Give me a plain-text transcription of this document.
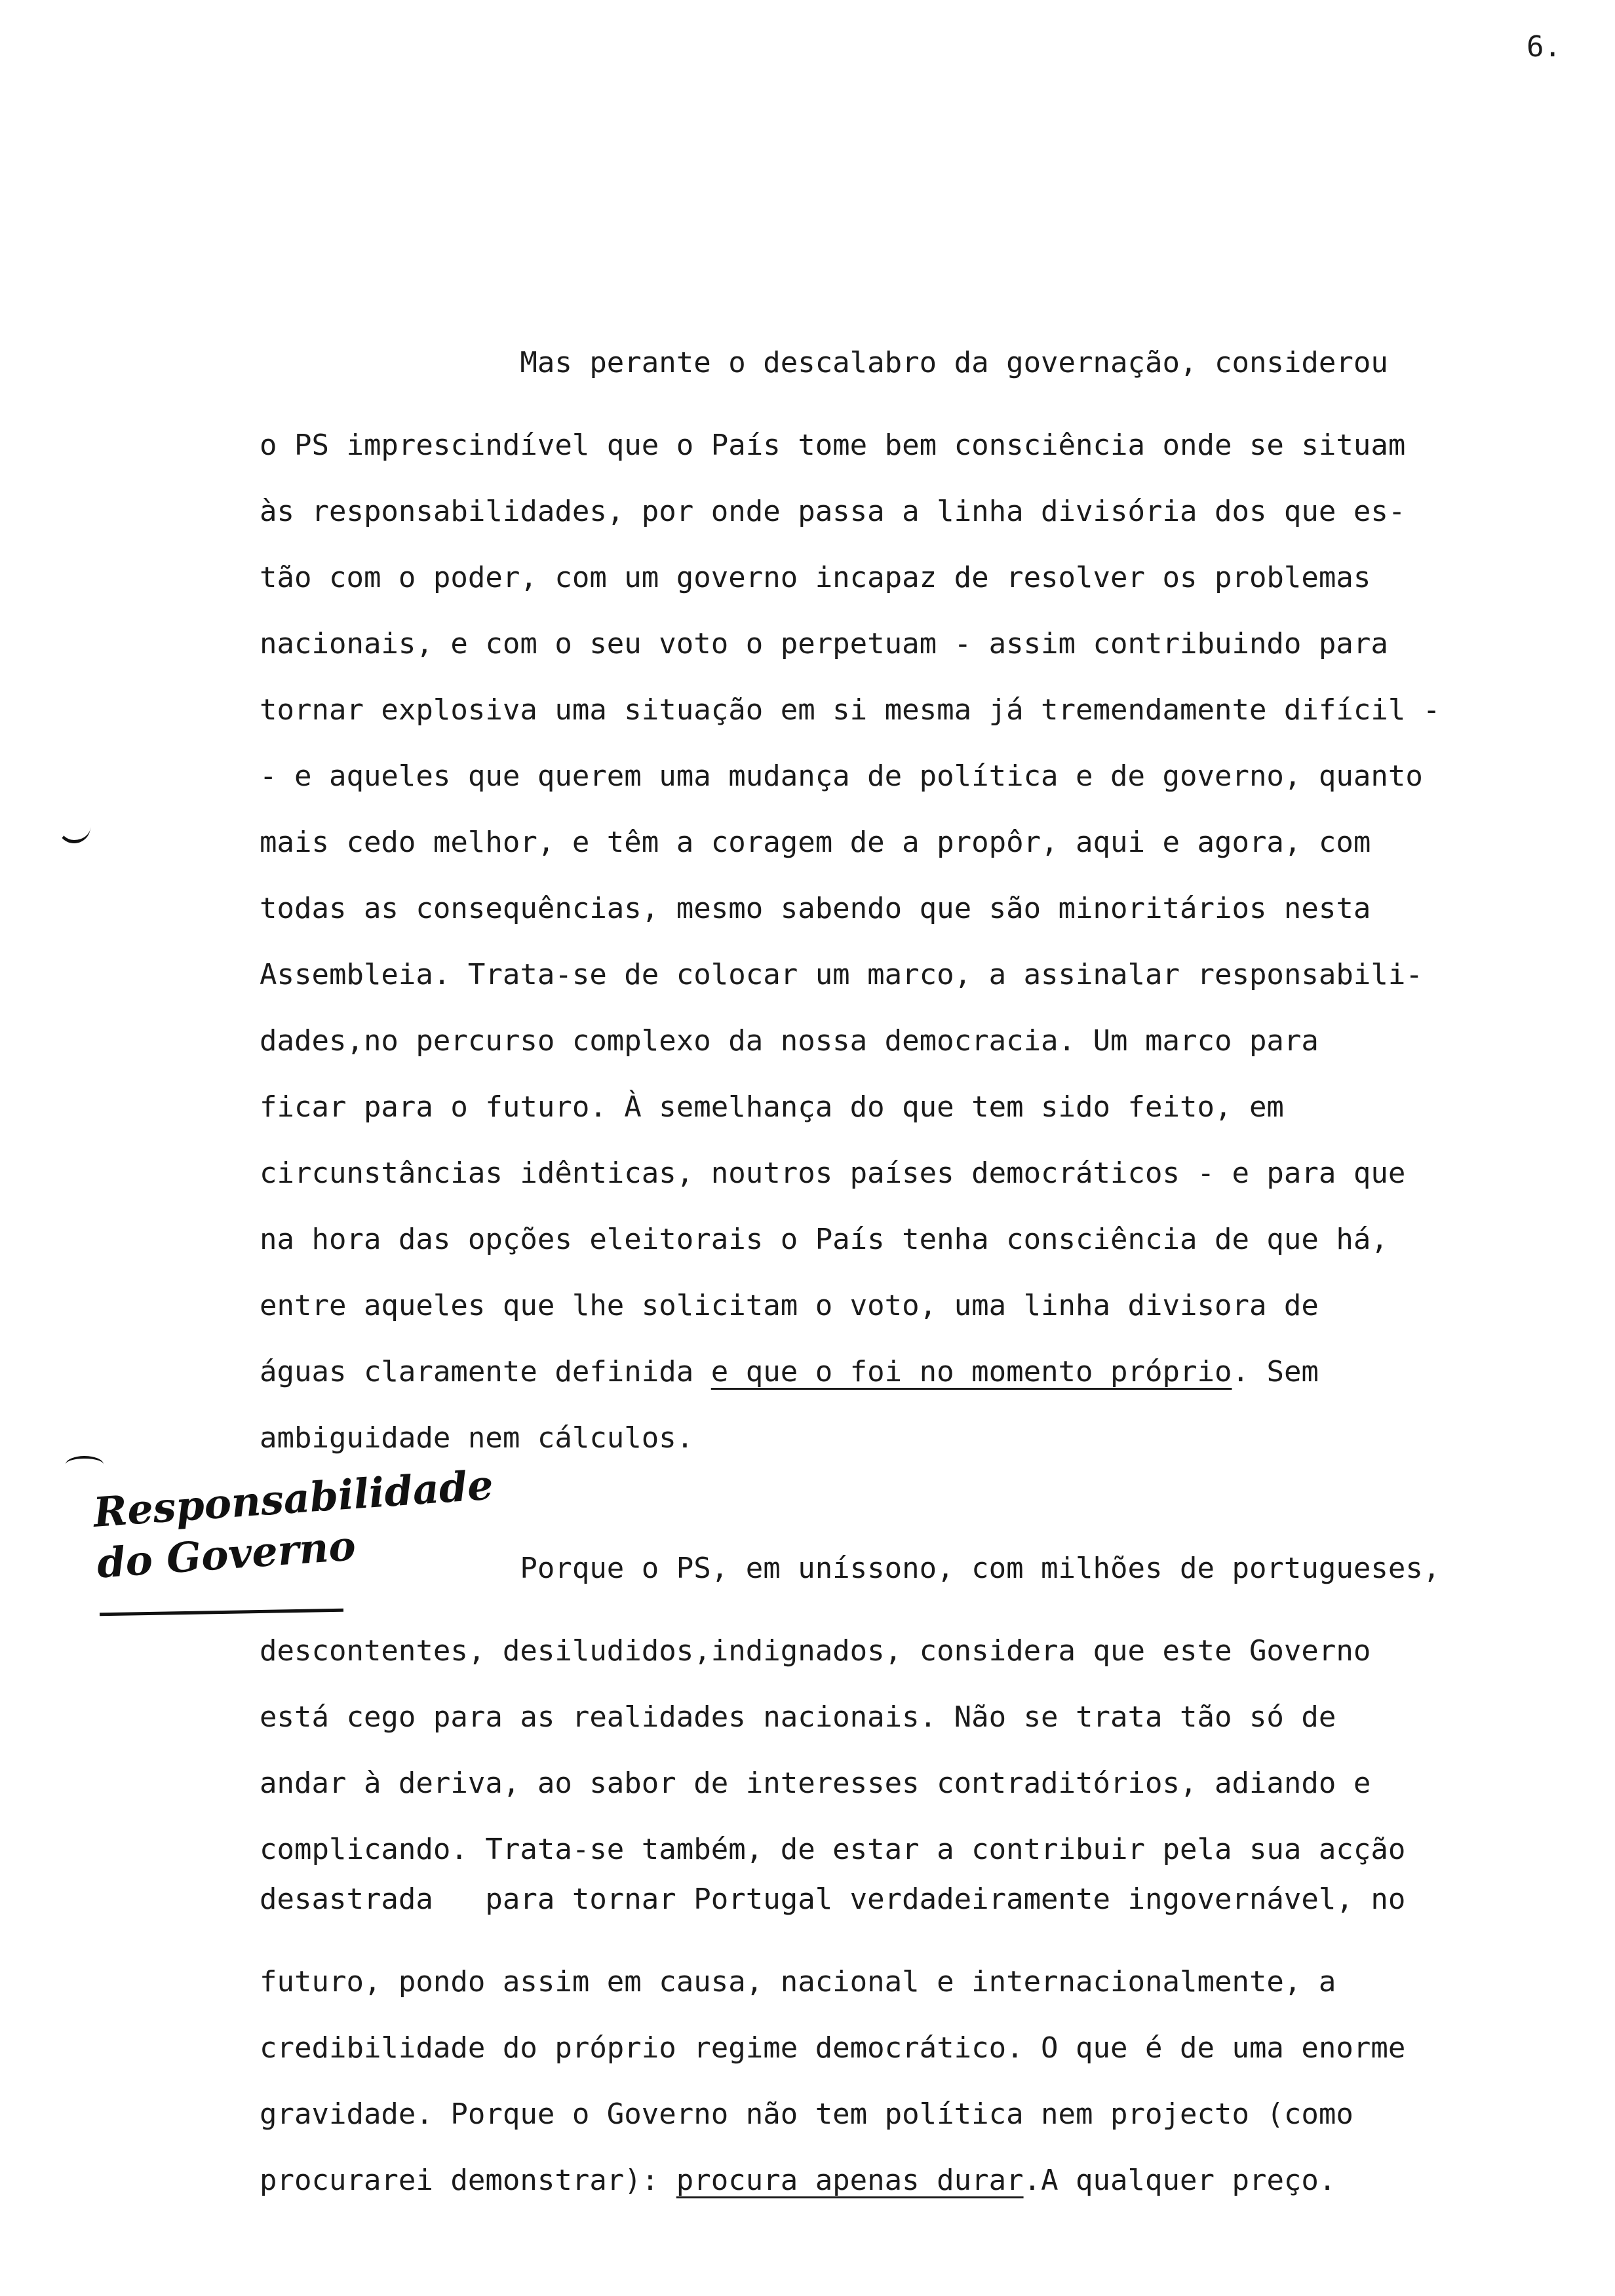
6.
Responsabilidade
do Governo
Mas perante o descalabro da governação, considerou
o PS imprescindível que o País tome bem consciência onde se situam
às responsabilidades, por onde passa a linha divisória dos que es-
tão com o poder, com um governo incapaz de resolver os problemas
nacionais, e com o seu voto o perpetuam - assim contribuindo para
tornar explosiva uma situação em si mesma já tremendamente difícil -
- e aqueles que querem uma mudança de política e de governo, quanto
mais cedo melhor, e têm a coragem de a propôr, aqui e agora, com
todas as consequências, mesmo sabendo que são minoritários nesta
Assembleia. Trata-se de colocar um marco, a assinalar responsabili-
dades,no percurso complexo da nossa democracia. Um marco para
ficar para o futuro. À semelhança do que tem sido feito, em
circunstâncias idênticas, noutros países democráticos - e para que
na hora das opções eleitorais o País tenha consciência de que há,
entre aqueles que lhe solicitam o voto, uma linha divisora de
águas claramente definida e que o foi no momento próprio. Sem
ambiguidade nem cálculos.
Porque o PS, em uníssono, com milhões de portugueses,
descontentes, desiludidos,indignados, considera que este Governo
está cego para as realidades nacionais. Não se trata tão só de
andar à deriva, ao sabor de interesses contraditórios, adiando e
complicando. Trata-se também, de estar a contribuir pela sua acção
desastrada   para tornar Portugal verdadeiramente ingovernável, no
futuro, pondo assim em causa, nacional e internacionalmente, a
credibilidade do próprio regime democrático. O que é de uma enorme
gravidade. Porque o Governo não tem política nem projecto (como
procurarei demonstrar): procura apenas durar.A qualquer preço.
